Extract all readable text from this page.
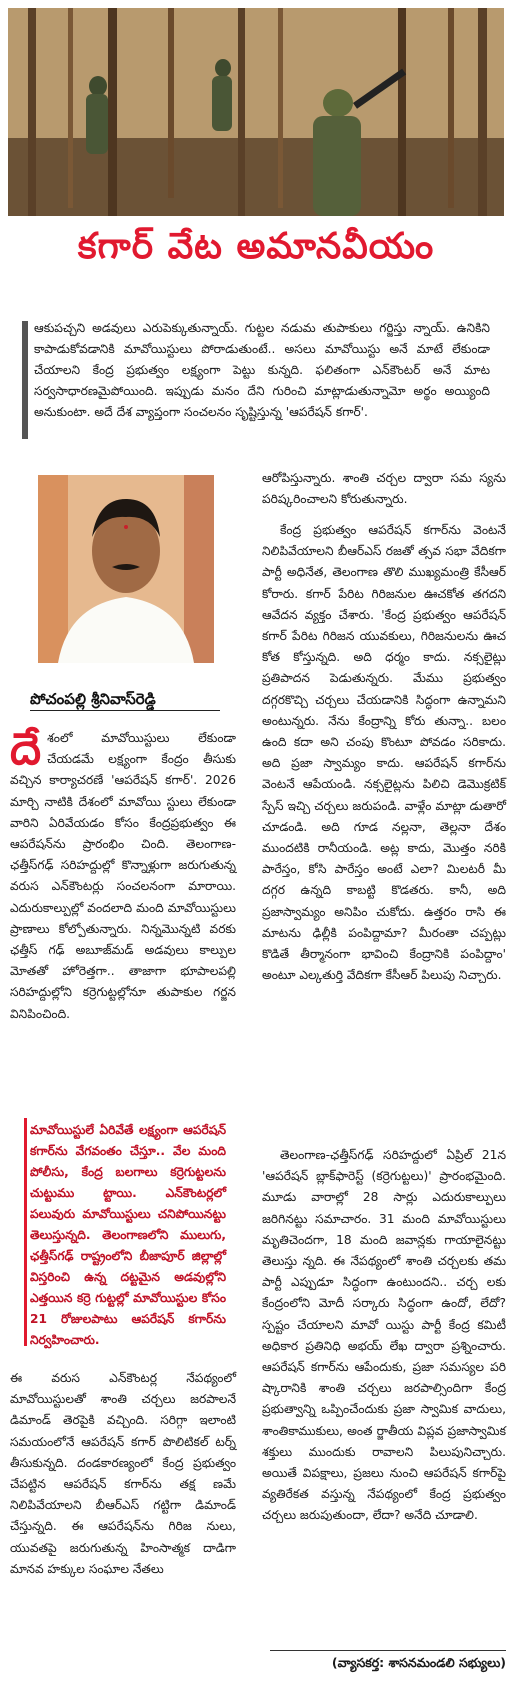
కగార్ వేట అమానవీయం
ఆకుపచ్చని అడవులు ఎరుపెక్కుతున్నాయ్‌. గుట్టల నడుమ తుపాకులు గర్జిస్తు న్నాయ్‌. ఉనికిని కాపాడుకోవడానికి మావోయిస్టులు పోరాడుతుంటే.. అసలు మావోయిస్టు అనే మాటే లేకుండా చేయాలని కేంద్ర ప్రభుత్వం లక్ష్యంగా పెట్టు కున్నది. ఫలితంగా ఎన్‌కౌంటర్‌ అనే మాట సర్వసాధారణమైపోయింది. ఇప్పుడు మనం దేని గురించి మాట్లాడుతున్నామో అర్థం అయ్యింది అనుకుంటా. అదే దేశ వ్యాప్తంగా సంచలనం సృష్టిస్తున్న 'ఆపరేషన్‌ కగార్‌'.
పోచంపల్లి శ్రీనివాస్‌రెడ్డి
దేశంలో మావోయిస్టులు లేకుండా చేయడమే లక్ష్యంగా కేంద్రం తీసుకు వచ్చిన కార్యాచరణే 'ఆపరేషన్‌ కగార్‌'. 2026 మార్చి నాటికి దేశంలో మావోయి స్టులు లేకుండా వారిని ఏరివేయడం కోసం కేంద్రప్రభుత్వం ఈ ఆపరేషన్‌ను ప్రారంభిం చింది. తెలంగాణ- ఛత్తీస్‌గఢ్‌ సరిహద్దుల్లో కొన్నాళ్లుగా జరుగుతున్న వరుస ఎన్‌కౌంటర్లు సంచలనంగా మారాయి. ఎదురుకాల్పుల్లో వందలాది మంది మావోయిస్టులు ప్రాణాలు కోల్పోతున్నారు. నిన్నమొన్నటి వరకు ఛత్తీస్‌ గఢ్‌ అబూజ్‌మడ్‌ అడవులు కాల్పుల మోతతో హోరెత్తగా.. తాజాగా భూపాలపల్లి సరిహద్దుల్లోని కర్రెగుట్టల్లోనూ తుపాకుల గర్జన వినిపించింది.
మావోయిస్టులే ఏరివేతే లక్ష్యంగా ఆపరేషన్‌ కగార్‌ను వేగవంతం చేస్తూ.. వేల మంది పోలీసు, కేంద్ర బలగాలు కర్రెగుట్టలను చుట్టుము ట్టాయి. ఎన్‌కౌంటర్లలో పలువురు మావోయిస్టులు చనిపోయినట్టు తెలుస్తున్నది. తెలంగాణలోని ములుగు, ఛత్తీస్‌గఢ్‌ రాష్ట్రంలోని బీజాపూర్‌ జిల్లాల్లో విస్తరించి ఉన్న దట్టమైన అడవుల్లోని ఎత్తయిన కర్రె గుట్టల్లో మావోయిస్టుల కోసం 21 రోజులపాటు ఆపరేషన్‌ కగార్‌ను నిర్వహించారు.
ఈ వరుస ఎన్‌కౌంటర్ల నేపథ్యంలో మావోయిస్టులతో శాంతి చర్చలు జరపాలనే డిమాండ్‌ తెరపైకి వచ్చింది. సరిగ్గా ఇలాంటి సమయంలోనే ఆపరేషన్‌ కగార్‌ పొలిటికల్‌ టర్న్‌ తీసుకున్నది. దండకారణ్యంలో కేంద్ర ప్రభుత్వం చేపట్టిన ఆపరేషన్‌ కగార్‌ను తక్ష ణమే నిలిపివేయాలని బీఆర్‌ఎస్‌ గట్టిగా డిమాండ్‌ చేస్తున్నది. ఈ ఆపరేషన్‌ను గిరిజ నులు, యువతపై జరుగుతున్న హింసాత్మక దాడిగా మానవ హక్కుల సంఘాల నేతలు
ఆరోపిస్తున్నారు. శాంతి చర్చల ద్వారా సమ స్యను పరిష్కరించాలని కోరుతున్నారు.
కేంద్ర ప్రభుత్వం ఆపరేషన్‌ కగార్‌ను వెంటనే నిలిపివేయాలని బీఆర్‌ఎస్‌ రజతో త్సవ సభా వేదికగా పార్టీ అధినేత, తెలంగాణ తొలి ముఖ్యమంత్రి కేసీఆర్‌ కోరారు. కగార్‌ పేరిట గిరిజనుల ఊచకోత తగదని ఆవేదన వ్యక్తం చేశారు. 'కేంద్ర ప్రభుత్వం ఆపరేషన్‌ కగార్‌ పేరిట గిరిజన యువకులు, గిరిజనులను ఊచ కోత కోస్తున్నది. అది ధర్మం కాదు. నక్సలైట్లు ప్రతిపాదన పెడుతున్నరు. మేము ప్రభుత్వం దగ్గరకొచ్చి చర్చలు చేయడానికి సిద్ధంగా ఉన్నామని అంటున్నరు. నేను కేంద్రాన్ని కోరు తున్నా.. బలం ఉంది కదా అని చంపు కొంటూ పోవడం సరికాదు. అది ప్రజా స్వామ్యం కాదు. ఆపరేషన్‌ కగార్‌ను వెంటనే ఆపేయండి. నక్సలైట్లను పిలిచి డెమొక్రటిక్‌ స్పేస్‌ ఇచ్చి చర్చలు జరుపండి. వాళ్లేం మాట్లా డుతారో చూడండి. అది గూడ నల్లనా, తెల్లనా దేశం ముందటికి రానీయండి. అట్ల కాదు, మొత్తం నరికి పారేస్తం, కోసి పారేస్తం అంటే ఎలా? మిలటరీ మీ దగ్గర ఉన్నది కాబట్టి కొడతరు. కానీ, అది ప్రజాస్వామ్యం అనిపిం చుకోదు. ఉత్తరం రాసి ఈ మాటను ఢిల్లీకి పంపిద్దామా? మీరంతా చప్పట్లు కొడితే తీర్మానంగా భావించి కేంద్రానికి పంపిద్దాం' అంటూ ఎల్కతుర్తి వేదికగా కేసీఆర్‌ పిలుపు నిచ్చారు.
తెలంగాణ-ఛత్తీస్‌గఢ్‌ సరిహద్దులో ఏప్రిల్‌ 21న 'ఆపరేషన్‌ బ్లాక్‌ఫారెస్ట్‌ (కర్రెగుట్టలు)' ప్రారంభమైంది. మూడు వారాల్లో 28 సార్లు ఎదురుకాల్పులు జరిగినట్టు సమాచారం. 31 మంది మావోయిస్టులు మృతిచెందగా, 18 మంది జవాన్లకు గాయాలైనట్టు తెలుస్తు న్నది. ఈ నేపథ్యంలో శాంతి చర్చలకు తమ పార్టీ ఎప్పుడూ సిద్ధంగా ఉంటుందని.. చర్చ లకు కేంద్రంలోని మోదీ సర్కారు సిద్ధంగా ఉందో, లేదో? స్పష్టం చేయాలని మావో యిస్టు పార్టీ కేంద్ర కమిటీ అధికార ప్రతినిధి అభయ్‌ లేఖ ద్వారా ప్రశ్నించారు. ఆపరేషన్‌ కగార్‌ను ఆపేందుకు, ప్రజా సమస్యల పరి ష్కారానికి శాంతి చర్చలు జరపాల్సిందిగా కేంద్ర ప్రభుత్వాన్ని ఒప్పించేందుకు ప్రజా స్వామిక వాదులు, శాంతికాముకులు, అంత ర్జాతీయ విప్లవ ప్రజాస్వామిక శక్తులు ముందుకు రావాలని పిలుపునిచ్చారు. అయితే విపక్షాలు, ప్రజలు నుంచి ఆపరేషన్‌ కగార్‌పై వ్యతిరేకత వస్తున్న నేపథ్యంలో కేంద్ర ప్రభుత్వం చర్చలు జరుపుతుందా, లేదా? అనేది చూడాలి.
(వ్యాసకర్త: శాసనమండలి సభ్యులు)
